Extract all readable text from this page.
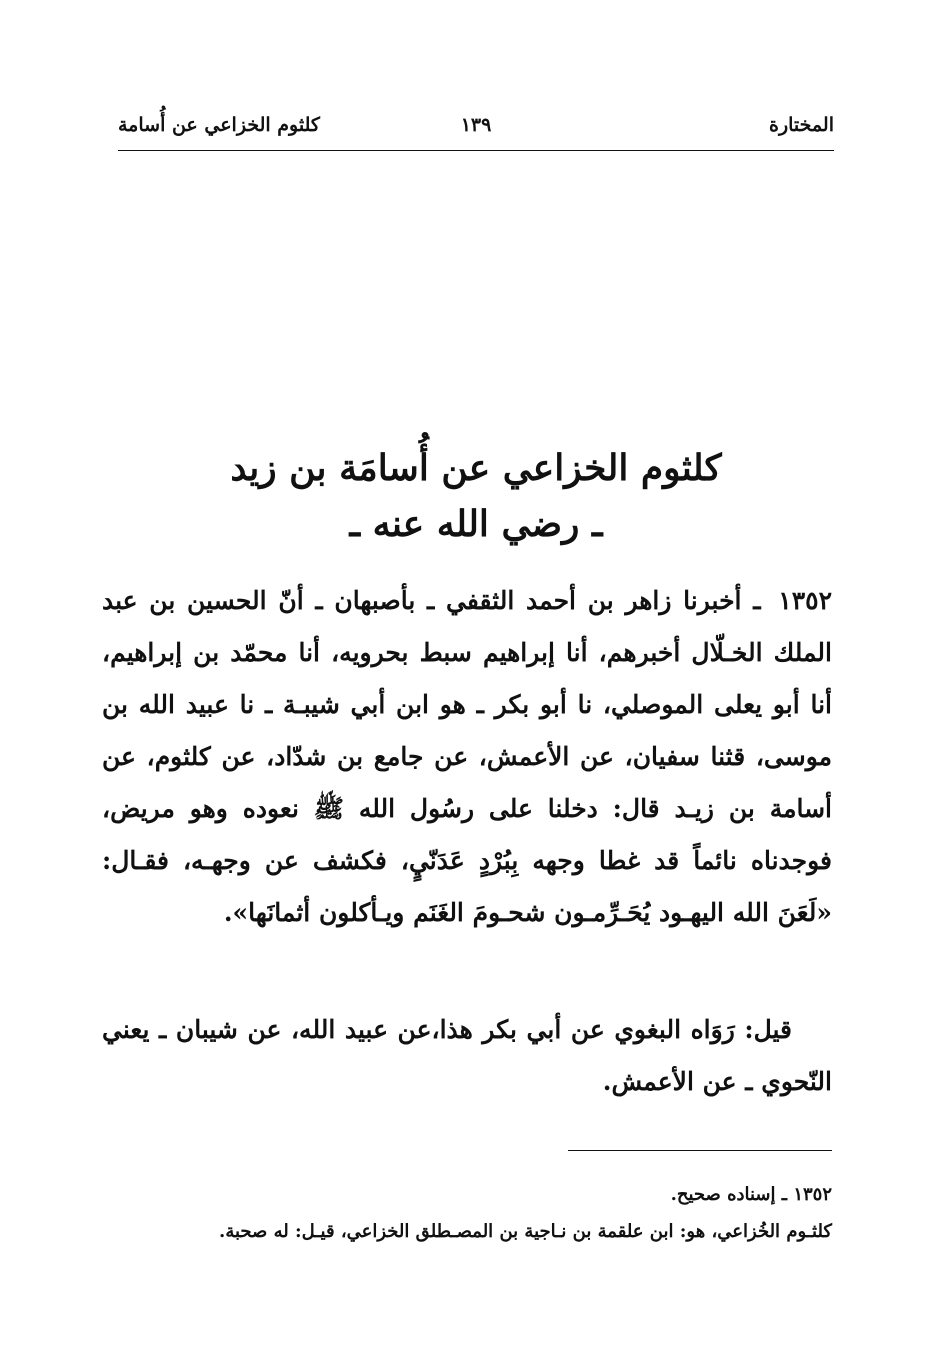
المختارة
١٣٩
كلثوم الخزاعي عن أُسامة
كلثوم الخزاعي عن أُسامَة بن زيد
ـ رضي الله عنه ـ
١٣٥٢ ـ أخبرنا زاهر بن أحمد الثقفي ـ بأصبهان ـ أنّ الحسين بن عبد الملك الخـلّال أخبرهم، أنا إبراهيم سبط بحرويه، أنا محمّد بن إبراهيم، أنا أبو يعلى الموصلي، نا أبو بكر ـ هو ابن أبي شيبـة ـ نا عبيد الله بن موسى، قثنا سفيان، عن الأعمش، عن جامع بن شدّاد، عن كلثوم، عن أسامة بن زيـد قال: دخلنا على رسُول الله ﷺ نعوده وهو مريض، فوجدناه نائماً قد غطا وجهه بِبُرْدٍ عَدَنّيٍ، فكشف عن وجهـه، فقـال: «لَعَنَ الله اليهـود يُحَـرِّمـون شحـومَ الغَنَم ويـأكلون أثمانَها».
قيل: رَوَاه البغوي عن أبي بكر هذا،عن عبيد الله، عن شيبان ـ يعني النّحوي ـ عن الأعمش.
١٣٥٢ ـ إسناده صحيح.
كلثـوم الخُزاعي، هو: ابن علقمة بن نـاجية بن المصـطلق الخزاعي، قيـل: له صحبة.
